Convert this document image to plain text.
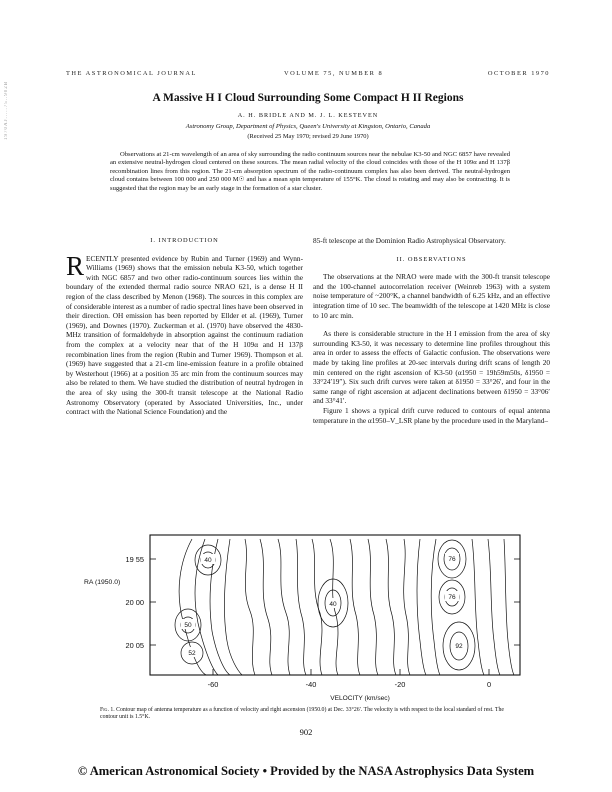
1970AJ.....75..902B
THE ASTRONOMICAL JOURNAL	VOLUME 75, NUMBER 8	OCTOBER 1970
A Massive H I Cloud Surrounding Some Compact H II Regions
A. H. BRIDLE AND M. J. L. KESTEVEN
Astronomy Group, Department of Physics, Queen's University at Kingston, Ontario, Canada
(Received 25 May 1970; revised 29 June 1970)

Observations at 21-cm wavelength of an area of sky surrounding the radio continuum sources near the nebulae K3-50 and NGC 6857 have revealed an extensive neutral-hydrogen cloud centered on these sources. The mean radial velocity of the cloud coincides with those of the H 109α and H 137β recombination lines from this region. The 21-cm absorption spectrum of the radio-continuum complex has also been derived. The neutral-hydrogen cloud contains between 100 000 and 250 000 M☉ and has a mean spin temperature of 155°K. The cloud is rotating and may also be contracting. It is suggested that the region may be an early stage in the formation of a star cluster.

I. INTRODUCTION

RECENTLY presented evidence by Rubin and Turner (1969) and Wynn-Williams (1969) shows that the emission nebula K3-50, which together with NGC 6857 and two other radio-continuum sources lies within the boundary of the extended thermal radio source NRAO 621, is a dense H II region of the class described by Menon (1968). The sources in this complex are of considerable interest as a number of radio spectral lines have been observed in their direction. OH emission has been reported by Ellder et al. (1969), Turner (1969), and Downes (1970). Zuckerman et al. (1970) have observed the 4830-MHz transition of formaldehyde in absorption against the continuum radiation from the complex at a velocity near that of the H 109α and H 137β recombination lines from the region (Rubin and Turner 1969). Thompson et al. (1969) have suggested that a 21-cm line-emission feature in a profile obtained by Westerhout (1966) at a position 35 arc min from the continuum sources may also be related to them. We have studied the distribution of neutral hydrogen in the area of sky using the 300-ft transit telescope at the National Radio Astronomy Observatory (operated by Associated Universities, Inc., under contract with the National Science Foundation) and the

85-ft telescope at the Dominion Radio Astrophysical Observatory.

II. OBSERVATIONS

The observations at the NRAO were made with the 300-ft transit telescope and the 100-channel autocorrelation receiver (Weinreb 1963) with a system noise temperature of ~200°K, a channel bandwidth of 6.25 kHz, and an effective integration time of 10 sec. The beamwidth of the telescope at 1420 MHz is close to 10 arc min.

As there is considerable structure in the H I emission from the area of sky surrounding K3-50, it was necessary to determine line profiles throughout this area in order to assess the effects of Galactic confusion. The observations were made by taking line profiles at 20-sec intervals during drift scans of length 20 min centered on the right ascension of K3-50 (α1950 = 19h59m50s, δ1950 = 33°24′19″). Six such drift curves were taken at δ1950 = 33°26′, and four in the same range of right ascension at adjacent declinations between δ1950 = 33°06′ and 33°41′.

Figure 1 shows a typical drift curve reduced to contours of equal antenna temperature in the α1950–V_LSR plane by the procedure used in the Maryland–

40
50
52
40
76
76
92
19 55
20 00
20 05
RA (1950.0)
-60	-40	-20	0
VELOCITY (km/sec)
Fig. 1. Contour map of antenna temperature as a function of velocity and right ascension (1950.0) at Dec. 33°26′. The velocity is with respect to the local standard of rest. The contour unit is 1.5°K.
902
© American Astronomical Society • Provided by the NASA Astrophysics Data System
